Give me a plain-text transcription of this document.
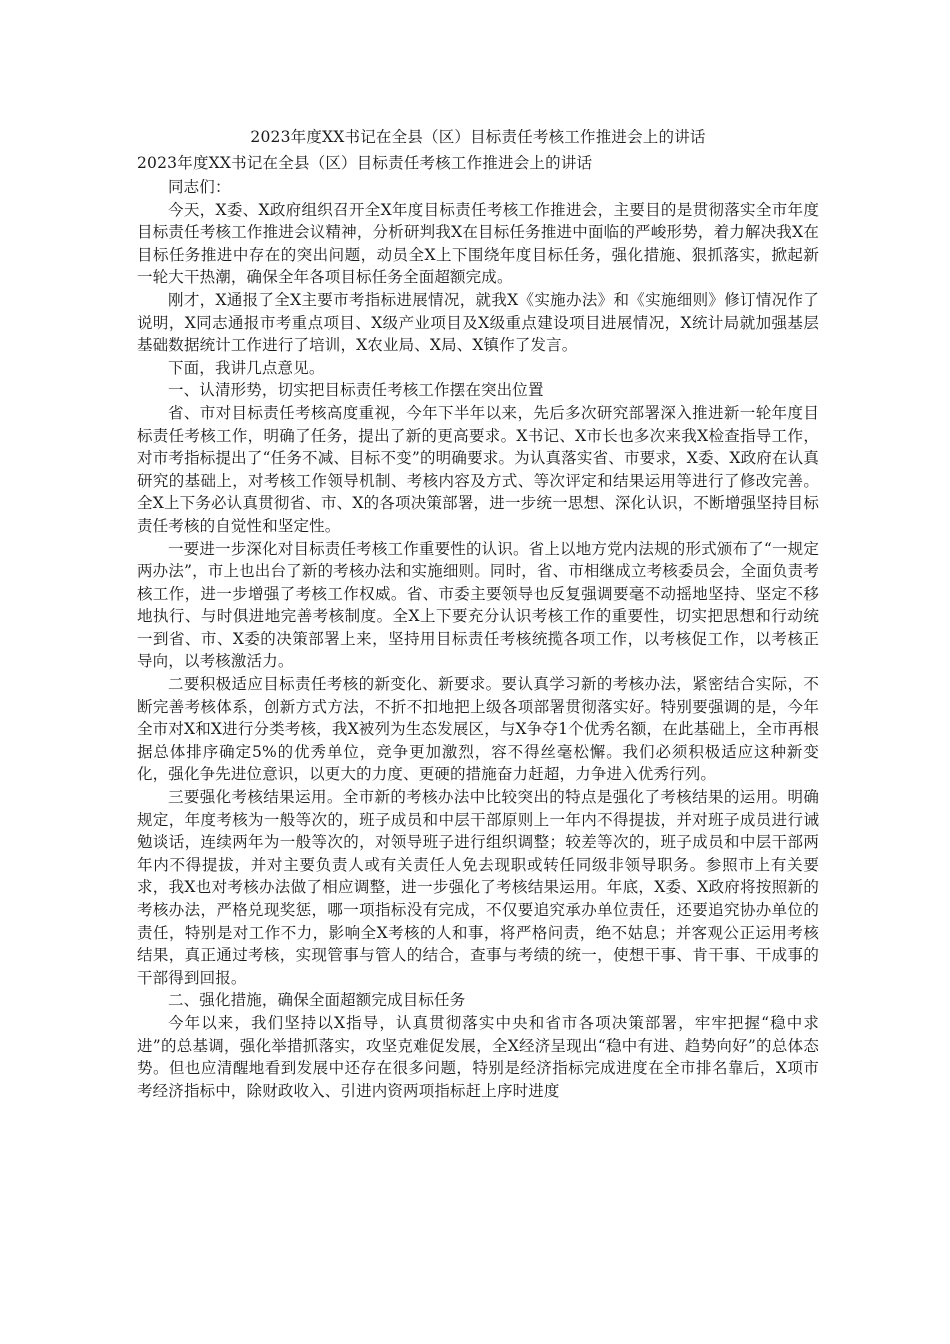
2023年度XX书记在全县（区）目标责任考核工作推进会上的讲话
2023年度XX书记在全县（区）目标责任考核工作推进会上的讲话

同志们：

今天，X委、X政府组织召开全X年度目标责任考核工作推进会，主要目的是贯彻落实全市年度目标责任考核工作推进会议精神，分析研判我X在目标任务推进中面临的严峻形势，着力解决我X在目标任务推进中存在的突出问题，动员全X上下围绕年度目标任务，强化措施、狠抓落实，掀起新一轮大干热潮，确保全年各项目标任务全面超额完成。

刚才，X通报了全X主要市考指标进展情况，就我X《实施办法》和《实施细则》修订情况作了说明，X同志通报市考重点项目、X级产业项目及X级重点建设项目进展情况，X统计局就加强基层基础数据统计工作进行了培训，X农业局、X局、X镇作了发言。

下面，我讲几点意见。

一、认清形势，切实把目标责任考核工作摆在突出位置

省、市对目标责任考核高度重视，今年下半年以来，先后多次研究部署深入推进新一轮年度目标责任考核工作，明确了任务，提出了新的更高要求。X书记、X市长也多次来我X检查指导工作，对市考指标提出了“任务不减、目标不变”的明确要求。为认真落实省、市要求，X委、X政府在认真研究的基础上，对考核工作领导机制、考核内容及方式、等次评定和结果运用等进行了修改完善。全X上下务必认真贯彻省、市、X的各项决策部署，进一步统一思想、深化认识，不断增强坚持目标责任考核的自觉性和坚定性。

一要进一步深化对目标责任考核工作重要性的认识。省上以地方党内法规的形式颁布了“一规定两办法”，市上也出台了新的考核办法和实施细则。同时，省、市相继成立考核委员会，全面负责考核工作，进一步增强了考核工作权威。省、市委主要领导也反复强调要毫不动摇地坚持、坚定不移地执行、与时俱进地完善考核制度。全X上下要充分认识考核工作的重要性，切实把思想和行动统一到省、市、X委的决策部署上来，坚持用目标责任考核统揽各项工作，以考核促工作，以考核正导向，以考核激活力。

二要积极适应目标责任考核的新变化、新要求。要认真学习新的考核办法，紧密结合实际，不断完善考核体系，创新方式方法，不折不扣地把上级各项部署贯彻落实好。特别要强调的是，今年全市对X和X进行分类考核，我X被列为生态发展区，与X争夺1个优秀名额，在此基础上，全市再根据总体排序确定5%的优秀单位，竞争更加激烈，容不得丝毫松懈。我们必须积极适应这种新变化，强化争先进位意识，以更大的力度、更硬的措施奋力赶超，力争进入优秀行列。

三要强化考核结果运用。全市新的考核办法中比较突出的特点是强化了考核结果的运用。明确规定，年度考核为一般等次的，班子成员和中层干部原则上一年内不得提拔，并对班子成员进行诫勉谈话，连续两年为一般等次的，对领导班子进行组织调整；较差等次的，班子成员和中层干部两年内不得提拔，并对主要负责人或有关责任人免去现职或转任同级非领导职务。参照市上有关要求，我X也对考核办法做了相应调整，进一步强化了考核结果运用。年底，X委、X政府将按照新的考核办法，严格兑现奖惩，哪一项指标没有完成，不仅要追究承办单位责任，还要追究协办单位的责任，特别是对工作不力，影响全X考核的人和事，将严格问责，绝不姑息；并客观公正运用考核结果，真正通过考核，实现管事与管人的结合，查事与考绩的统一，使想干事、肯干事、干成事的干部得到回报。

二、强化措施，确保全面超额完成目标任务

今年以来，我们坚持以X指导，认真贯彻落实中央和省市各项决策部署，牢牢把握“稳中求进”的总基调，强化举措抓落实，攻坚克难促发展，全X经济呈现出“稳中有进、趋势向好”的总体态势。但也应清醒地看到发展中还存在很多问题，特别是经济指标完成进度在全市排名靠后，X项市考经济指标中，除财政收入、引进内资两项指标赶上序时进度
